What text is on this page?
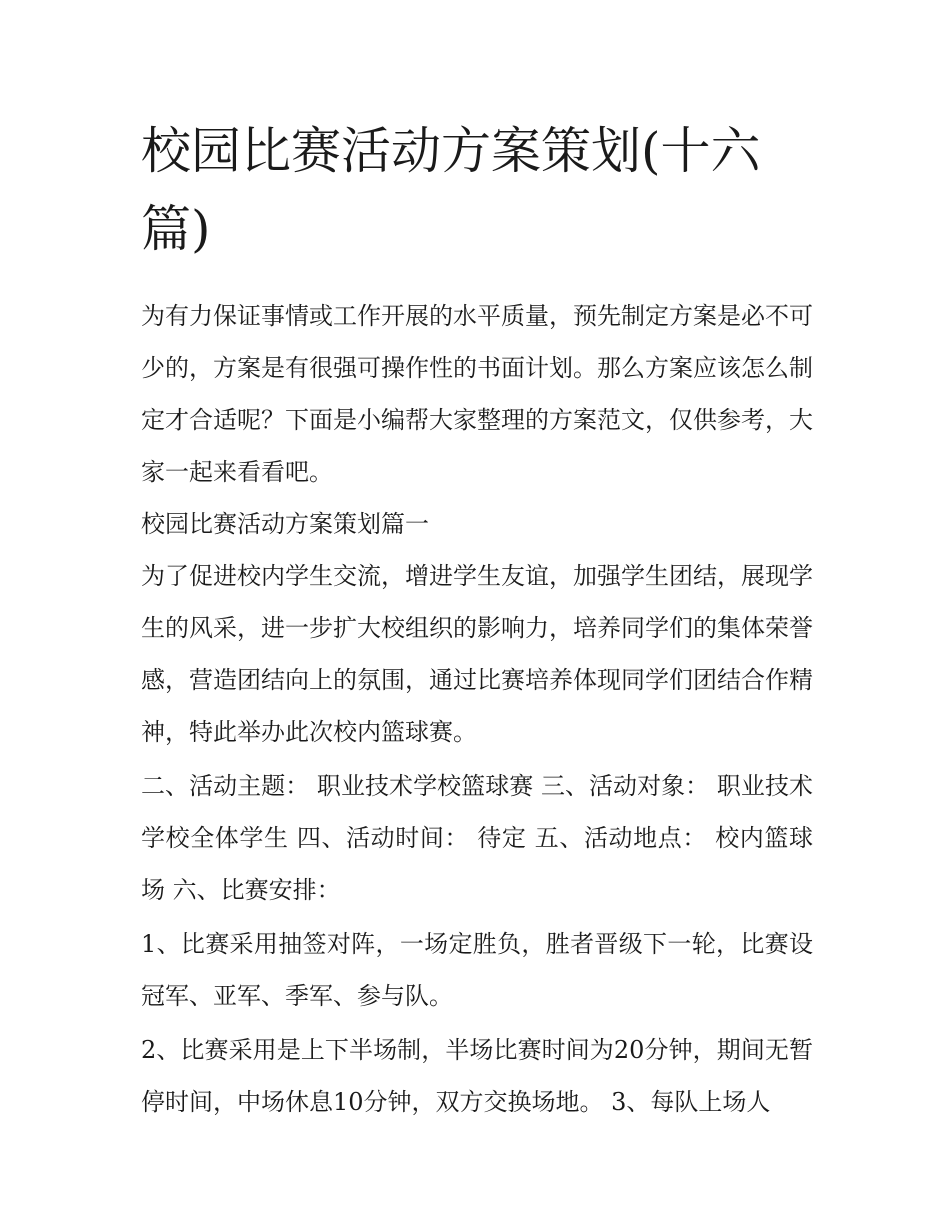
校园比赛活动方案策划(十六篇)

为有力保证事情或工作开展的水平质量，预先制定方案是必不可少的，方案是有很强可操作性的书面计划。那么方案应该怎么制定才合适呢？下面是小编帮大家整理的方案范文，仅供参考，大家一起来看看吧。

校园比赛活动方案策划篇一

为了促进校内学生交流，增进学生友谊，加强学生团结，展现学生的风采，进一步扩大校组织的影响力，培养同学们的集体荣誉感，营造团结向上的氛围，通过比赛培养体现同学们团结合作精神，特此举办此次校内篮球赛。

二、活动主题： 职业技术学校篮球赛 三、活动对象： 职业技术学校全体学生 四、活动时间： 待定 五、活动地点： 校内篮球场 六、比赛安排：

1、比赛采用抽签对阵，一场定胜负，胜者晋级下一轮，比赛设冠军、亚军、季军、参与队。

2、比赛采用是上下半场制，半场比赛时间为20分钟，期间无暂停时间，中场休息10分钟，双方交换场地。 3、每队上场人
